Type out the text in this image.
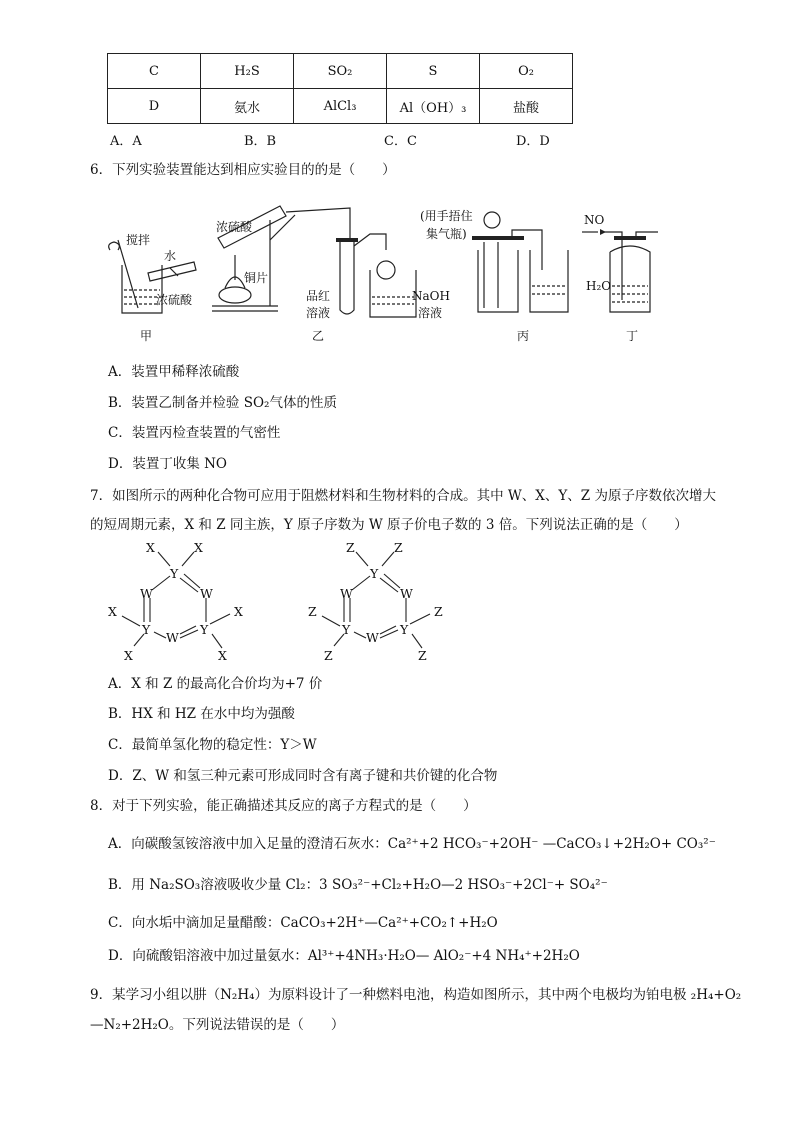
C	H₂S	SO₂	S	O₂
D	氨水	AlCl₃	Al（OH）₃	盐酸
A．A	B．B	C．C	D．D
6．下列实验装置能达到相应实验目的的是（　　）
搅拌
水
浓硫酸
浓硫酸
铜片
品红
溶液
NaOH
溶液
(用手捂住
集气瓶)
NO
H₂O
甲	乙	丙	丁
A．装置甲稀释浓硫酸
B．装置乙制备并检验 SO₂气体的性质
C．装置丙检查装置的气密性
D．装置丁收集 NO
7．如图所示的两种化合物可应用于阻燃材料和生物材料的合成。其中 W、X、Y、Z 为原子序数依次增大
的短周期元素，X 和 Z 同主族，Y 原子序数为 W 原子价电子数的 3 倍。下列说法正确的是（　　）
X	X
Y
W	W
X	X
Y
W
Y
X	X
Z	Z
Y
W	W
Z	Z
Y
W
Y
Z	Z
A．X 和 Z 的最高化合价均为+7 价
B．HX 和 HZ 在水中均为强酸
C．最简单氢化物的稳定性：Y＞W
D．Z、W 和氢三种元素可形成同时含有离子键和共价键的化合物
8．对于下列实验，能正确描述其反应的离子方程式的是（　　）
A．向碳酸氢铵溶液中加入足量的澄清石灰水：Ca²⁺+2 HCO₃⁻+2OH⁻ —CaCO₃↓+2H₂O+ CO₃²⁻
B．用 Na₂SO₃溶液吸收少量 Cl₂：3 SO₃²⁻+Cl₂+H₂O—2 HSO₃⁻+2Cl⁻+ SO₄²⁻
C．向水垢中滴加足量醋酸：CaCO₃+2H⁺—Ca²⁺+CO₂↑+H₂O
D．向硫酸铝溶液中加过量氨水：Al³⁺+4NH₃·H₂O— AlO₂⁻+4 NH₄⁺+2H₂O
9．某学习小组以肼（N₂H₄）为原料设计了一种燃料电池，构造如图所示，其中两个电极均为铂电极 ₂H₄+O₂
—N₂+2H₂O。下列说法错误的是（　　）
